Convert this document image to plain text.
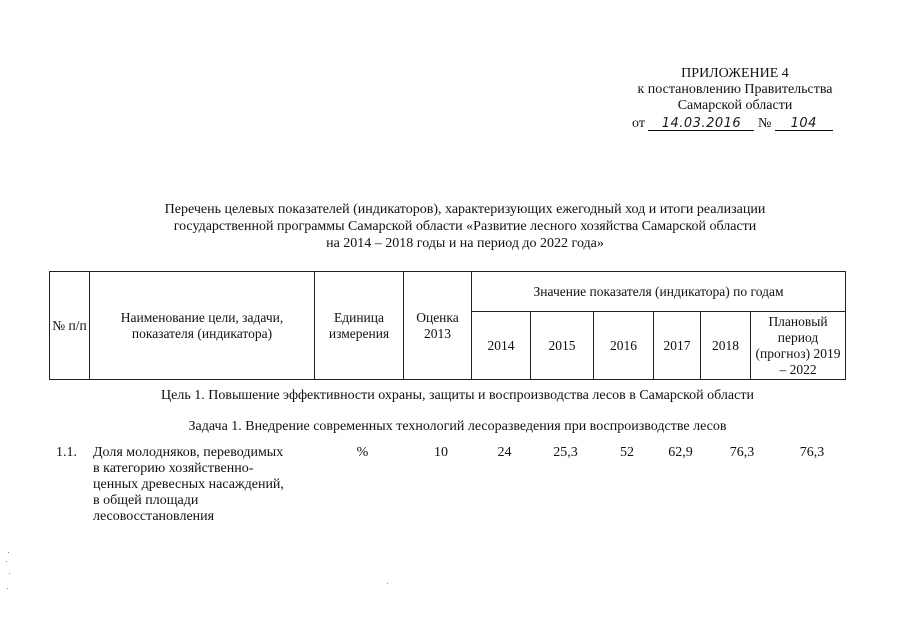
ПРИЛОЖЕНИЕ 4
к постановлению Правительства
Самарской области
от 14.03.2016 № 104
Перечень целевых показателей (индикаторов), характеризующих ежегодный ход и итоги реализации
государственной программы Самарской области «Развитие лесного хозяйства Самарской области
на 2014 – 2018 годы и на период до 2022 года»
№ п/п	Наименование цели, задачи, показателя (индикатора)	Единица измерения	Оценка 2013	Значение показателя (индикатора) по годам					
				2014	2015	2016	2017	2018	Плановый период (прогноз) 2019 – 2022
Цель 1. Повышение эффективности охраны, защиты и воспроизводства лесов в Самарской области
Задача 1. Внедрение современных технологий лесоразведения при воспроизводстве лесов
1.1. Доля молодняков, переводимых
в категорию хозяйственно-
ценных древесных насаждений,
в общей площади
лесовосстановления
%	10	24	25,3	52	62,9	76,3	76,3
